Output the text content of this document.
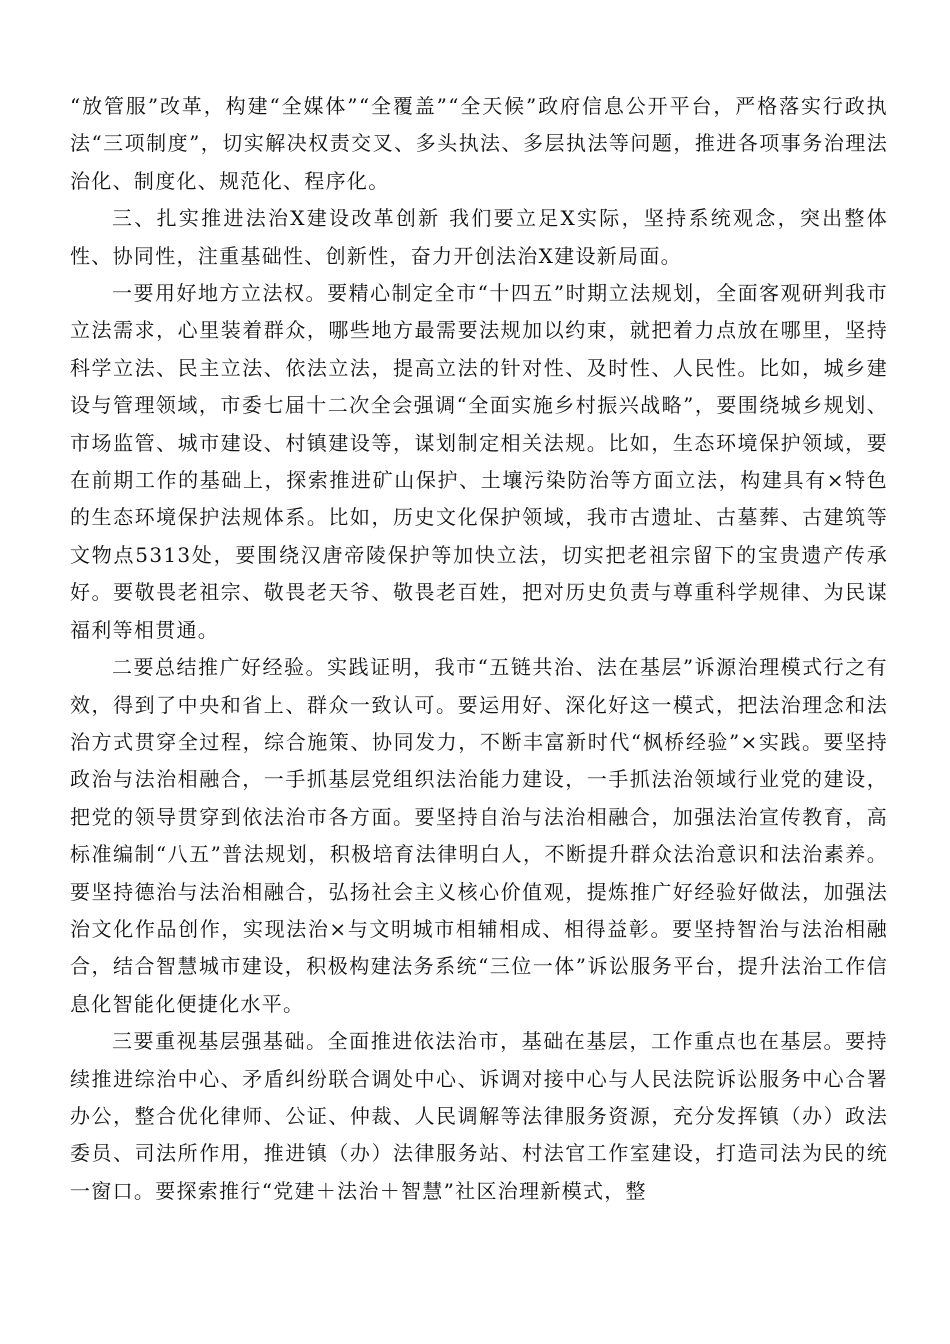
“放管服”改革，构建“全媒体”“全覆盖”“全天候”政府信息公开平台，严格落实行政执法“三项制度”，切实解决权责交叉、多头执法、多层执法等问题，推进各项事务治理法治化、制度化、规范化、程序化。

三、扎实推进法治X建设改革创新 我们要立足X实际，坚持系统观念，突出整体性、协同性，注重基础性、创新性，奋力开创法治X建设新局面。

一要用好地方立法权。要精心制定全市“十四五”时期立法规划，全面客观研判我市立法需求，心里装着群众，哪些地方最需要法规加以约束，就把着力点放在哪里，坚持科学立法、民主立法、依法立法，提高立法的针对性、及时性、人民性。比如，城乡建设与管理领域，市委七届十二次全会强调“全面实施乡村振兴战略”，要围绕城乡规划、市场监管、城市建设、村镇建设等，谋划制定相关法规。比如，生态环境保护领域，要在前期工作的基础上，探索推进矿山保护、土壤污染防治等方面立法，构建具有×特色的生态环境保护法规体系。比如，历史文化保护领域，我市古遗址、古墓葬、古建筑等文物点5313处，要围绕汉唐帝陵保护等加快立法，切实把老祖宗留下的宝贵遗产传承好。要敬畏老祖宗、敬畏老天爷、敬畏老百姓，把对历史负责与尊重科学规律、为民谋福利等相贯通。

二要总结推广好经验。实践证明，我市“五链共治、法在基层”诉源治理模式行之有效，得到了中央和省上、群众一致认可。要运用好、深化好这一模式，把法治理念和法治方式贯穿全过程，综合施策、协同发力，不断丰富新时代“枫桥经验”×实践。要坚持政治与法治相融合，一手抓基层党组织法治能力建设，一手抓法治领域行业党的建设，把党的领导贯穿到依法治市各方面。要坚持自治与法治相融合，加强法治宣传教育，高标准编制“八五”普法规划，积极培育法律明白人，不断提升群众法治意识和法治素养。要坚持德治与法治相融合，弘扬社会主义核心价值观，提炼推广好经验好做法，加强法治文化作品创作，实现法治×与文明城市相辅相成、相得益彰。要坚持智治与法治相融合，结合智慧城市建设，积极构建法务系统“三位一体”诉讼服务平台，提升法治工作信息化智能化便捷化水平。

三要重视基层强基础。全面推进依法治市，基础在基层，工作重点也在基层。要持续推进综治中心、矛盾纠纷联合调处中心、诉调对接中心与人民法院诉讼服务中心合署办公，整合优化律师、公证、仲裁、人民调解等法律服务资源，充分发挥镇（办）政法委员、司法所作用，推进镇（办）法律服务站、村法官工作室建设，打造司法为民的统一窗口。要探索推行“党建＋法治＋智慧”社区治理新模式，整
